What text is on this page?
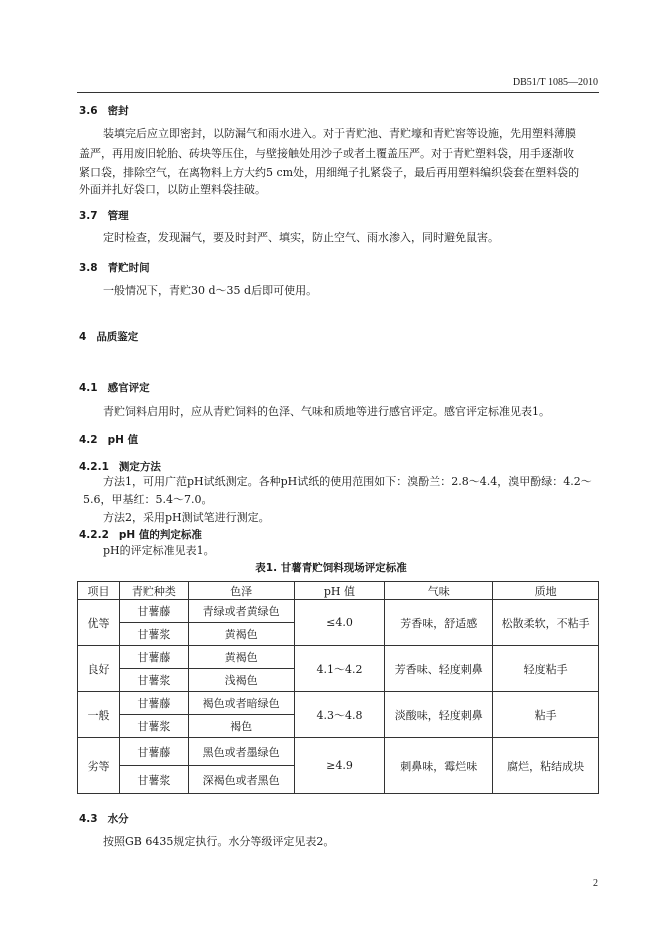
DB51/T 1085—2010
3.6 密封
装填完后应立即密封，以防漏气和雨水进入。对于青贮池、青贮壕和青贮窖等设施，先用塑料薄膜
盖严，再用废旧轮胎、砖块等压住，与壁接触处用沙子或者土覆盖压严。对于青贮塑料袋，用手逐渐收
紧口袋，排除空气，在离物料上方大约5 cm处，用细绳子扎紧袋子，最后再用塑料编织袋套在塑料袋的
外面并扎好袋口，以防止塑料袋挂破。
3.7 管理
定时检查，发现漏气，要及时封严、填实，防止空气、雨水渗入，同时避免鼠害。
3.8 青贮时间
一般情况下，青贮30 d～35 d后即可使用。
4 品质鉴定
4.1 感官评定
青贮饲料启用时，应从青贮饲料的色泽、气味和质地等进行感官评定。感官评定标准见表1。
4.2 pH 值
4.2.1 测定方法
方法1，可用广范pH试纸测定。各种pH试纸的使用范围如下：溴酚兰：2.8～4.4，溴甲酚绿：4.2～
5.6，甲基红：5.4～7.0。
方法2，采用pH测试笔进行测定。
4.2.2 pH 值的判定标准
pH的评定标准见表1。
表1. 甘薯青贮饲料现场评定标准
项目	青贮种类	色泽	pH 值	气味	质地
优等	甘薯藤	青绿或者黄绿色	≤4.0	芳香味，舒适感	松散柔软，不粘手
	甘薯浆	黄褐色			
良好	甘薯藤	黄褐色	4.1～4.2	芳香味、轻度刺鼻	轻度粘手
	甘薯浆	浅褐色			
一般	甘薯藤	褐色或者暗绿色	4.3～4.8	淡酸味，轻度刺鼻	粘手
	甘薯浆	褐色			
劣等	甘薯藤	黑色或者墨绿色	≥4.9	刺鼻味，霉烂味	腐烂，粘结成块
	甘薯浆	深褐色或者黑色			
4.3 水分
按照GB 6435规定执行。水分等级评定见表2。
2
